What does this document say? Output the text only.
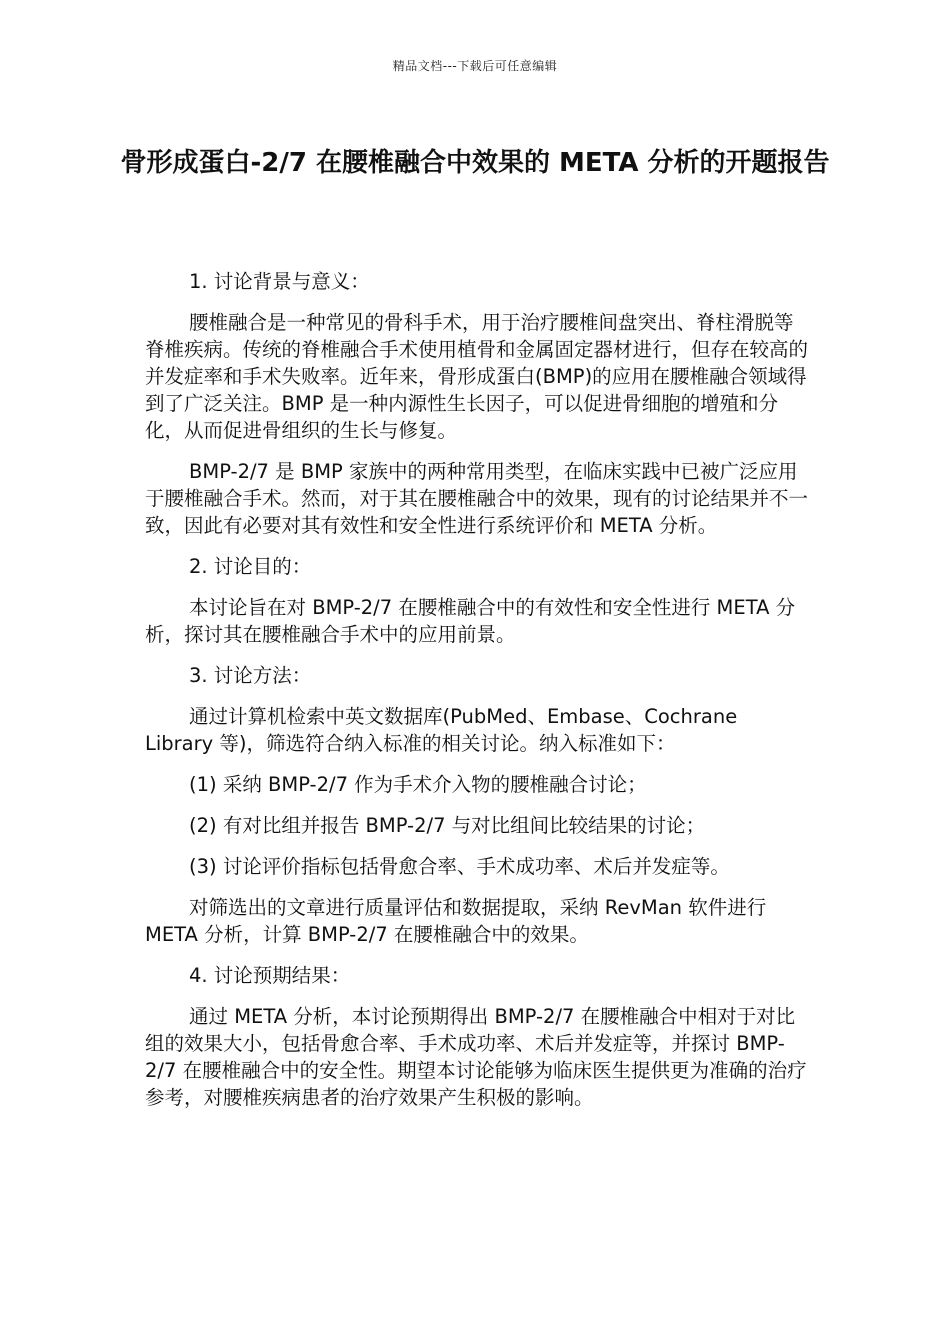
精品文档---下载后可任意编辑
骨形成蛋白-2/7 在腰椎融合中效果的 META 分析的开题报告

1. 讨论背景与意义：

腰椎融合是一种常见的骨科手术，用于治疗腰椎间盘突出、脊柱滑脱等脊椎疾病。传统的脊椎融合手术使用植骨和金属固定器材进行，但存在较高的并发症率和手术失败率。近年来，骨形成蛋白(BMP)的应用在腰椎融合领域得到了广泛关注。BMP 是一种内源性生长因子，可以促进骨细胞的增殖和分化，从而促进骨组织的生长与修复。

BMP-2/7 是 BMP 家族中的两种常用类型，在临床实践中已被广泛应用于腰椎融合手术。然而，对于其在腰椎融合中的效果，现有的讨论结果并不一致，因此有必要对其有效性和安全性进行系统评价和 META 分析。

2. 讨论目的：

本讨论旨在对 BMP-2/7 在腰椎融合中的有效性和安全性进行 META 分析，探讨其在腰椎融合手术中的应用前景。

3. 讨论方法：

通过计算机检索中英文数据库(PubMed、Embase、Cochrane Library 等)，筛选符合纳入标准的相关讨论。纳入标准如下：

(1) 采纳 BMP-2/7 作为手术介入物的腰椎融合讨论；

(2) 有对比组并报告 BMP-2/7 与对比组间比较结果的讨论；

(3) 讨论评价指标包括骨愈合率、手术成功率、术后并发症等。

对筛选出的文章进行质量评估和数据提取，采纳 RevMan 软件进行 META 分析，计算 BMP-2/7 在腰椎融合中的效果。

4. 讨论预期结果：

通过 META 分析，本讨论预期得出 BMP-2/7 在腰椎融合中相对于对比组的效果大小，包括骨愈合率、手术成功率、术后并发症等，并探讨 BMP-2/7 在腰椎融合中的安全性。期望本讨论能够为临床医生提供更为准确的治疗参考，对腰椎疾病患者的治疗效果产生积极的影响。
